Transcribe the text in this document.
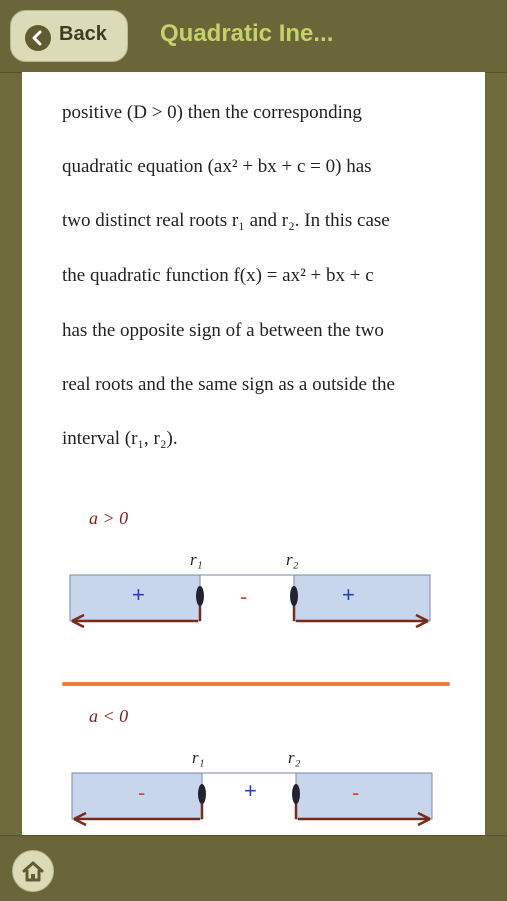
Back Quadratic Ine...
positive (D > 0) then the corresponding
quadratic equation (ax² + bx + c = 0) has
two distinct real roots r₁ and r₂. In this case
the quadratic function f(x) = ax² + bx + c
has the opposite sign of a between the two
real roots and the same sign as a outside the
interval (r₁, r₂).
a > 0
r₁	r₂
+	-	+
a < 0
r₁	r₂
-	+	-
